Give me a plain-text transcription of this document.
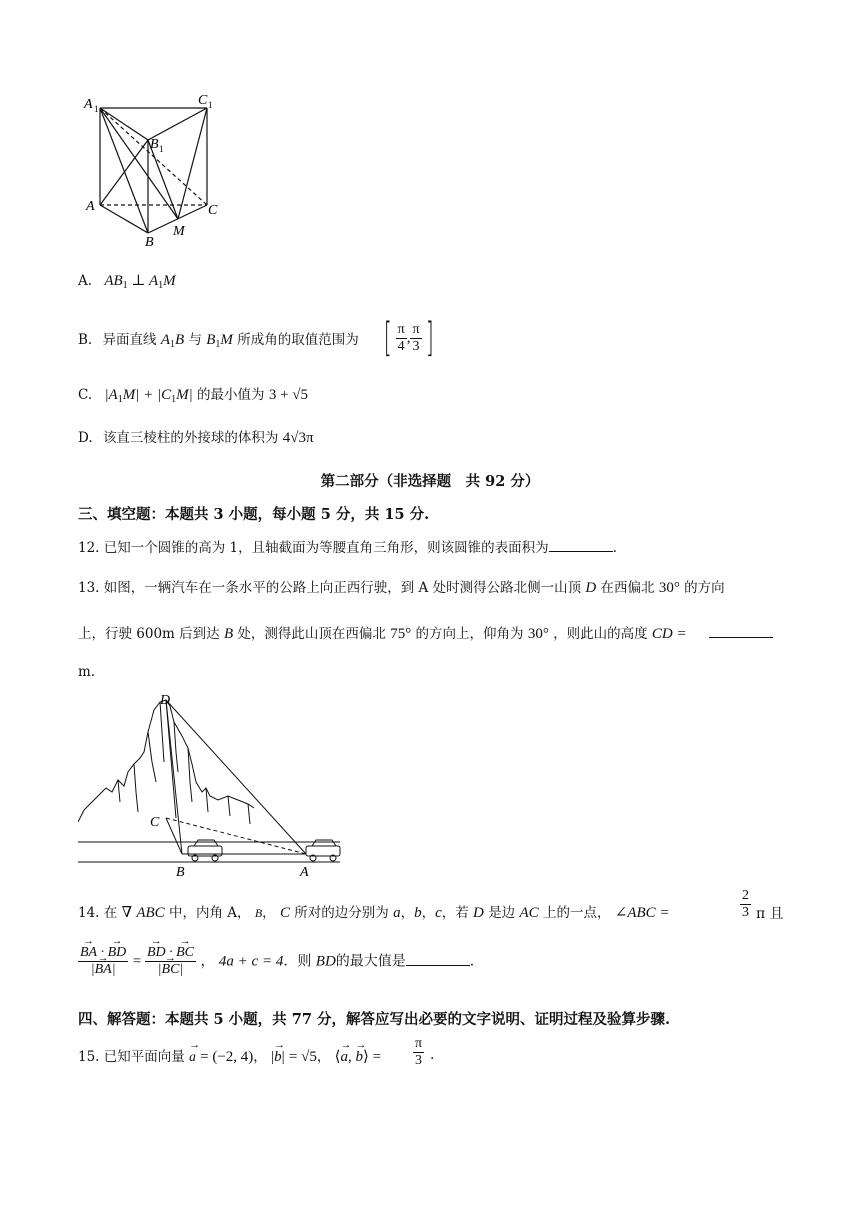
A 1
C 1
B 1
A	C
B
M
A. $AB_1$ ⊥ $A_1M$
B. 异面直线 $A_1B$ 与 $B_1M$ 所成角的取值范围为 [ $\frac{\pi}{4}$ , $\frac{\pi}{3}$ ]
C. $|A_1M| + |C_1M|$ 的最小值为 3 + √5
D. 该直三棱柱的外接球的体积为 4√3π
第二部分（非选择题　共 92 分）
三、填空题：本题共 3 小题，每小题 5 分，共 15 分.
12. 已知一个圆锥的高为 1，且轴截面为等腰直角三角形，则该圆锥的表面积为	.
13. 如图，一辆汽车在一条水平的公路上向正西行驶，到 A 处时测得公路北侧一山顶 D 在西偏北 30° 的方向
上，行驶 600m 后到达 B 处，测得此山顶在西偏北 75° 的方向上，仰角为 30° ，则此山的高度 CD =
m.
D
C
B	A
14. 在 ∇ ABC 中，内角 A， B， C 所对的边分别为 a，b，c，若 D 是边 AC 上的一点， ∠ABC =	$\frac{2}{3}$ π 且
→ $\frac{BA \cdot \to BD}{|\to BA|}$ = → $\frac{BD \cdot \to BC}{|\to BC|}$ ， 4a + c = 4．则 BD的最大值是	.
四、解答题：本题共 5 小题，共 77 分，解答应写出必要的文字说明、证明过程及验算步骤.
15. 已知平面向量 → a = (−2, 4)， |→ b| = √5， ⟨→ a, → b⟩ = $\frac{\pi}{3}$ .
